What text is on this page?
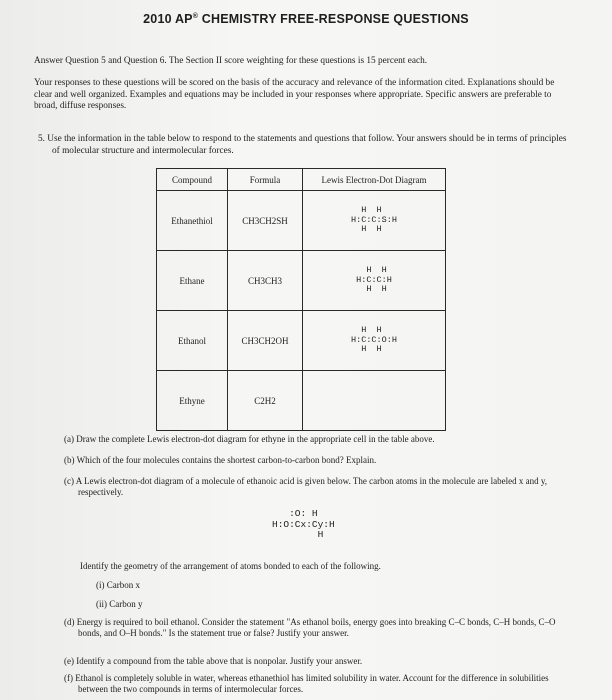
2010 AP® CHEMISTRY FREE-RESPONSE QUESTIONS
Answer Question 5 and Question 6. The Section II score weighting for these questions is 15 percent each.
Your responses to these questions will be scored on the basis of the accuracy and relevance of the information cited. Explanations should be clear and well organized. Examples and equations may be included in your responses where appropriate. Specific answers are preferable to broad, diffuse responses.
5. Use the information in the table below to respond to the statements and questions that follow. Your answers should be in terms of principles of molecular structure and intermolecular forces.
Compound	Formula	Lewis Electron-Dot Diagram
Ethanethiol	CH3CH2SH	H  H
H:C:C:S:H
H  H
Ethane	CH3CH3	H  H
H:C:C:H
H  H
Ethanol	CH3CH2OH	H  H
H:C:C:O:H
H  H
Ethyne	C2H2	
(a) Draw the complete Lewis electron-dot diagram for ethyne in the appropriate cell in the table above.
(b) Which of the four molecules contains the shortest carbon-to-carbon bond? Explain.
(c) A Lewis electron-dot diagram of a molecule of ethanoic acid is given below. The carbon atoms in the molecule are labeled x and y, respectively.
:O: H
H:O:Cx:Cy:H
H
Identify the geometry of the arrangement of atoms bonded to each of the following.
(i) Carbon x
(ii) Carbon y
(d) Energy is required to boil ethanol. Consider the statement "As ethanol boils, energy goes into breaking C–C bonds, C–H bonds, C–O bonds, and O–H bonds." Is the statement true or false? Justify your answer.
(e) Identify a compound from the table above that is nonpolar. Justify your answer.
(f) Ethanol is completely soluble in water, whereas ethanethiol has limited solubility in water. Account for the difference in solubilities between the two compounds in terms of intermolecular forces.
